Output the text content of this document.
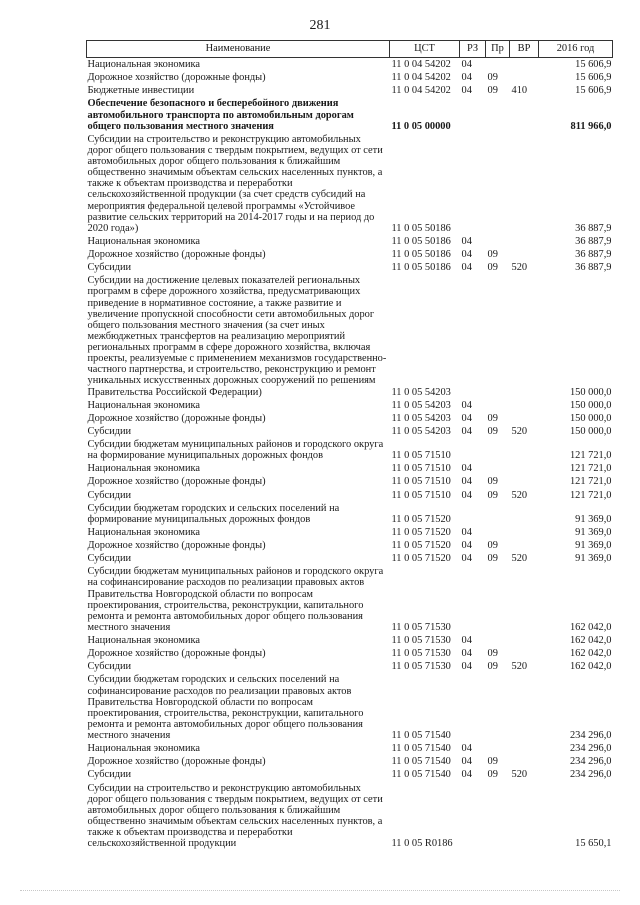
281
Наименование	ЦСТ	РЗ	Пр	ВР	2016 год
Национальная экономика	11 0 04 54202	04			15 606,9
Дорожное хозяйство (дорожные фонды)	11 0 04 54202	04	09		15 606,9
Бюджетные инвестиции	11 0 04 54202	04	09	410	15 606,9
Обеспечение безопасного и бесперебойного движения автомобильного транспорта по автомобильным дорогам общего пользования местного значения	11 0 05 00000				811 966,0
Субсидии на строительство и реконструкцию автомобильных дорог общего пользования с твердым покрытием, ведущих от сети автомобильных дорог общего пользования к ближайшим общественно значимым объектам сельских населенных пунктов, а также к объектам производства и переработки сельскохозяйственной продукции (за счет средств субсидий на мероприятия федеральной целевой программы «Устойчивое развитие сельских территорий на 2014-2017 годы и на период до 2020 года»)	11 0 05 50186				36 887,9
Национальная экономика	11 0 05 50186	04			36 887,9
Дорожное хозяйство (дорожные фонды)	11 0 05 50186	04	09		36 887,9
Субсидии	11 0 05 50186	04	09	520	36 887,9
Субсидии на достижение целевых показателей региональных программ в сфере дорожного хозяйства, предусматривающих приведение в нормативное состояние, а также развитие и увеличение пропускной способности сети автомобильных дорог общего пользования местного значения (за счет иных межбюджетных трансфертов на реализацию мероприятий региональных программ в сфере дорожного хозяйства, включая проекты, реализуемые с применением механизмов государственно-частного партнерства, и строительство, реконструкцию и ремонт уникальных искусственных дорожных сооружений по решениям Правительства Российской Федерации)	11 0 05 54203				150 000,0
Национальная экономика	11 0 05 54203	04			150 000,0
Дорожное хозяйство (дорожные фонды)	11 0 05 54203	04	09		150 000,0
Субсидии	11 0 05 54203	04	09	520	150 000,0
Субсидии бюджетам муниципальных районов и городского округа на формирование муниципальных дорожных фондов	11 0 05 71510				121 721,0
Национальная экономика	11 0 05 71510	04			121 721,0
Дорожное хозяйство (дорожные фонды)	11 0 05 71510	04	09		121 721,0
Субсидии	11 0 05 71510	04	09	520	121 721,0
Субсидии бюджетам городских и сельских поселений на формирование муниципальных дорожных фондов	11 0 05 71520				91 369,0
Национальная экономика	11 0 05 71520	04			91 369,0
Дорожное хозяйство (дорожные фонды)	11 0 05 71520	04	09		91 369,0
Субсидии	11 0 05 71520	04	09	520	91 369,0
Субсидии бюджетам муниципальных районов и городского округа на софинансирование расходов по реализации правовых актов Правительства Новгородской области по вопросам проектирования, строительства, реконструкции, капитального ремонта и ремонта автомобильных дорог общего пользования местного значения	11 0 05 71530				162 042,0
Национальная экономика	11 0 05 71530	04			162 042,0
Дорожное хозяйство (дорожные фонды)	11 0 05 71530	04	09		162 042,0
Субсидии	11 0 05 71530	04	09	520	162 042,0
Субсидии бюджетам городских и сельских поселений на софинансирование расходов по реализации правовых актов Правительства Новгородской области по вопросам проектирования, строительства, реконструкции, капитального ремонта и ремонта автомобильных дорог общего пользования местного значения	11 0 05 71540				234 296,0
Национальная экономика	11 0 05 71540	04			234 296,0
Дорожное хозяйство (дорожные фонды)	11 0 05 71540	04	09		234 296,0
Субсидии	11 0 05 71540	04	09	520	234 296,0
Субсидии на строительство и реконструкцию автомобильных дорог общего пользования с твердым покрытием, ведущих от сети автомобильных дорог общего пользования к ближайшим общественно значимым объектам сельских населенных пунктов, а также к объектам производства и переработки сельскохозяйственной продукции	11 0 05 R0186				15 650,1
